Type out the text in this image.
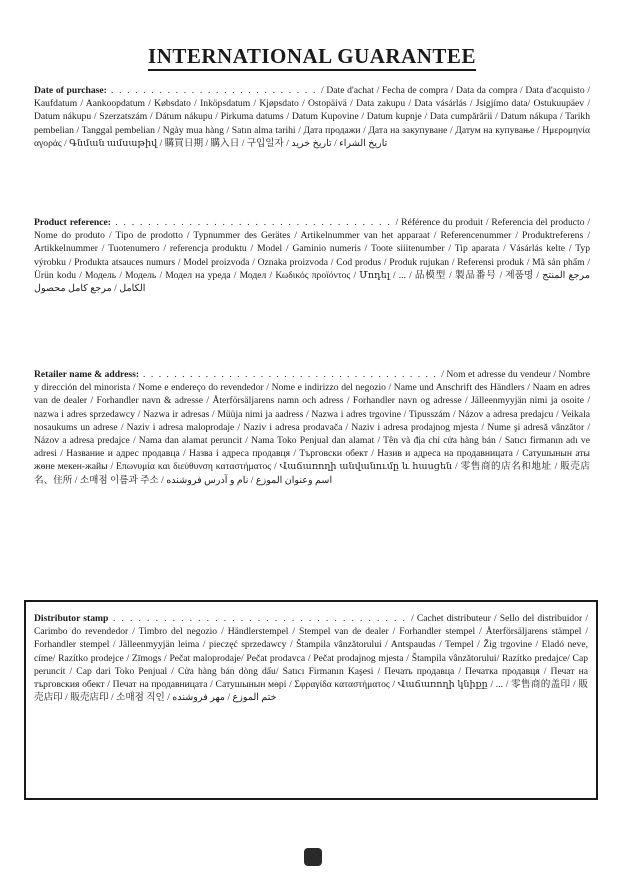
INTERNATIONAL GUARANTEE
Date of purchase: . . . . . . . . . . . . . . . . . . . . . . . . . . / Date d'achat / Fecha de compra / Data da compra / Data d'acquisto / Kaufdatum / Aankoopdatum / Købsdato / Inköpsdatum / Kjøpsdato / Ostopäivä / Data zakupu / Data vásárlás / Jsigjímo data/ Ostukuupäev / Datum nákupu / Szerzatszám / Dátum nákupu / Pirkuma datums / Datum Kupovine / Datum kupnje / Data cumpărării / Datum nákupa / Tarikh pembelian / Tanggal pembelian / Ngày mua hàng / Satın alma tarihi / Дата продажи / Дата на закупуване / Датум на купување / Ημερομηνία αγοράς / Գնման ամսաթիվ / 購買日期 / 購入日 / 구입일자 / تاريخ الشراء / تاریخ خرید
Product reference: . . . . . . . . . . . . . . . . . . . . . . . . . . . . . . . . . . / Référence du produit / Referencia del producto / Nome do produto / Tipo de prodotto / Typnummer des Gerätes / Artikelnummer van het apparaat / Referencenummer / Produktreferens / Artikkelnummer / Tuotenumero / referencja produktu / Model / Gaminio numeris / Toote siiitenumber / Tip aparata / Vásárlás kelte / Typ výrobku / Produkta atsauces numurs / Model proizvoda / Oznaka proizvoda / Cod produs / Produk rujukan / Referensi produk / Mã sản phẩm / Ürün kodu / Модель / Модель / Модел на уреда / Модел / Κωδικός προϊόντος / Մոդել / ... / 品模型 / 製品番号 / 제품명 / مرجع المنتج الكامل / مرجع کامل محصول
Retailer name & address: . . . . . . . . . . . . . . . . . . . . . . . . . . . . . . . . . . . . . . / Nom et adresse du vendeur / Nombre y dirección del minorista / Nome e endereço do revendedor / Nome e indirizzo del negozio / Name und Anschrift des Händlers / Naam en adres van de dealer / Forhandler navn & adresse / Återförsäljarens namn och adress / Forhandler navn og adresse / Jälleenmyyjän nimi ja osoite / nazwa i adres sprzedawcy / Nazwa ir adresas / Müüja nimi ja aadress / Nazwa i adres trgovine / Tipusszám / Názov a adresa predajcu / Veikala nosaukums un adrese / Naziv i adresa maloprodaje / Naziv i adresa prodavača / Naziv i adresa prodajnog mjesta / Nume şi adresă vânzător / Názov a adresa predajce / Nama dan alamat peruncit / Nama Toko Penjual dan alamat / Tên và địa chỉ cửa hàng bán / Satıcı firmanın adı ve adresi / Название и адрес продавца / Назва і адреса продавця / Търговски обект / Назив и адреса на продавницата / Сатушынын аты жөне мекен-жайы / Επωνυμία και διεύθυνση καταστήματος / Վաճառողի անվանումը և հասցեն / 零售商的店名和地址 / 販売店名、住所 / 소매점 이름과 주소 / اسم وعنوان الموزع / نام و آدرس فروشنده
Distributor stamp . . . . . . . . . . . . . . . . . . . . . . . . . . . . . . . . . . . / Cachet distributeur / Sello del distribuidor / Carimbo do revendedor / Timbro del negozio / Händlerstempel / Stempel van de dealer / Forhandler stempel / Återförsäljarens stämpel / Forhandler stempel / Jälleenmyyjän leima / pieczęć sprzedawcy / Štampila vânzătorului / Antspaudas / Tempel / Žig trgovine / Eladó neve, címe/ Razítko prodejce / Zīmogs / Pečat maloprodaje/ Pečat prodavca / Pečat prodajnog mjesta / Štampila vânzătorului/ Razítko predajce/ Cap peruncit / Cap dari Toko Penjual / Cửa hàng bán dòng dấu/ Satıcı Firmanın Kaşesi / Печать продавца / Печатка продавця / Печат на търговския обект / Печат на продавницата / Сатушынын мөрі / Σφραγίδα καταστήματος / Վաճառողի կնիքը / ... / 零售商的盖印 / 販売店印 / 販売店印 / 소매점 직인 / ختم الموزع / مهر فروشنده
